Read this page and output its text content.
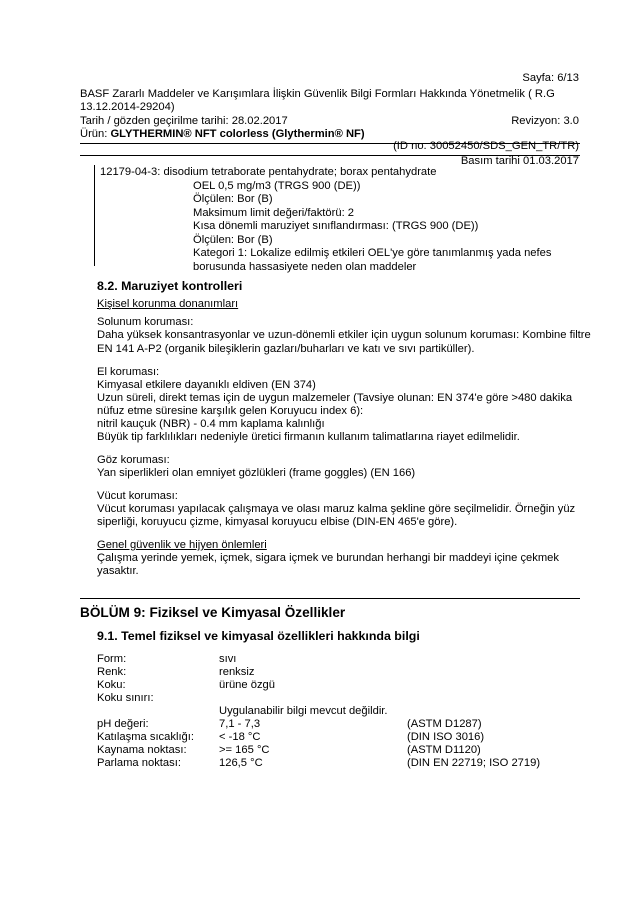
Sayfa: 6/13
BASF Zararlı Maddeler ve Karışımlara İlişkin Güvenlik Bilgi Formları Hakkında Yönetmelik ( R.G
13.12.2014-29204)
Tarih / gözden geçirilme tarihi: 28.02.2017	Revizyon: 3.0
Ürün: GLYTHERMIN® NFT colorless (Glythermin® NF)
(ID no. 30052450/SDS_GEN_TR/TR)
Basım tarihi 01.03.2017
12179-04-3: disodium tetraborate pentahydrate; borax pentahydrate
OEL 0,5 mg/m3 (TRGS 900 (DE))
Ölçülen: Bor (B)
Maksimum limit değeri/faktörü: 2
Kısa dönemli maruziyet sınıflandırması: (TRGS 900 (DE))
Ölçülen: Bor (B)
Kategori 1: Lokalize edilmiş etkileri OEL'ye göre tanımlanmış yada nefes
borusunda hassasiyete neden olan maddeler
8.2. Maruziyet kontrolleri
Kişisel korunma donanımları
Solunum koruması:
Daha yüksek konsantrasyonlar ve uzun-dönemli etkiler için uygun solunum koruması: Kombine filtre
EN 141 A-P2 (organik bileşiklerin gazları/buharları ve katı ve sıvı partiküller).
El koruması:
Kimyasal etkilere dayanıklı eldiven (EN 374)
Uzun süreli, direkt temas için de uygun malzemeler (Tavsiye olunan: EN 374'e göre >480 dakika
nüfuz etme süresine karşılık gelen Koruyucu index 6):
nitril kauçuk (NBR) - 0.4 mm kaplama kalınlığı
Büyük tip farklılıkları nedeniyle üretici firmanın kullanım talimatlarına riayet edilmelidir.
Göz koruması:
Yan siperlikleri olan emniyet gözlükleri (frame goggles) (EN 166)
Vücut koruması:
Vücut koruması yapılacak çalışmaya ve olası maruz kalma şekline göre seçilmelidir. Örneğin yüz
siperliği, koruyucu çizme, kimyasal koruyucu elbise (DIN-EN 465'e göre).
Genel güvenlik ve hijyen önlemleri
Çalışma yerinde yemek, içmek, sigara içmek ve burundan herhangi bir maddeyi içine çekmek
yasaktır.
BÖLÜM 9: Fiziksel ve Kimyasal Özellikler
9.1. Temel fiziksel ve kimyasal özellikleri hakkında bilgi
Form:	sıvı
Renk:	renksiz
Koku:	ürüne özgü
Koku sınırı:
Uygulanabilir bilgi mevcut değildir.
pH değeri:	7,1 - 7,3	(ASTM D1287)
Katılaşma sıcaklığı: < -18 °C	(DIN ISO 3016)
Kaynama noktası:	>= 165 °C	(ASTM D1120)
Parlama noktası:	126,5 °C	(DIN EN 22719; ISO 2719)
